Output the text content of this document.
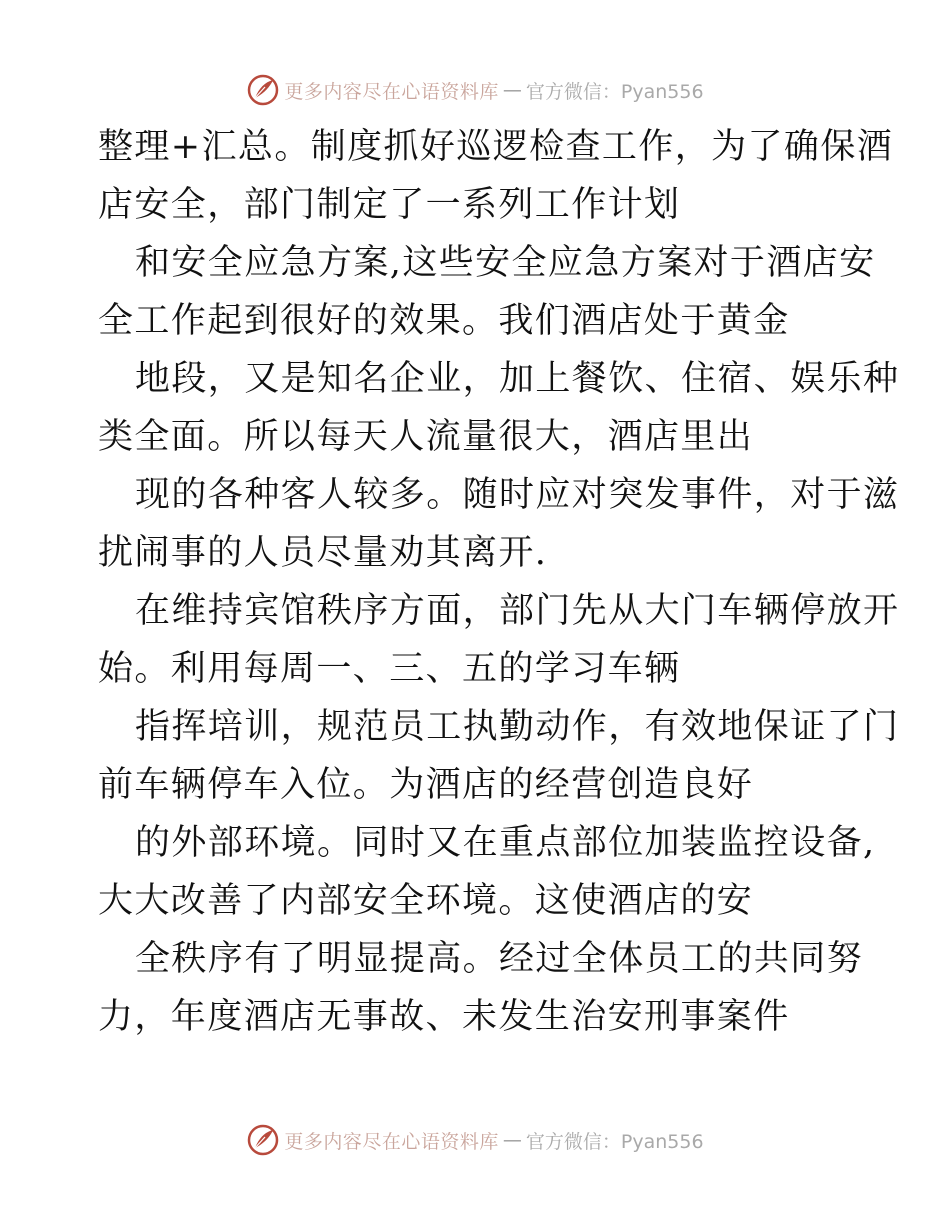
更多内容尽在心语资料库 — 官方微信：Pyan556
整理+汇总。制度抓好巡逻检查工作，为了确保酒
店安全，部门制定了一系列工作计划
和安全应急方案,这些安全应急方案对于酒店安
全工作起到很好的效果。我们酒店处于黄金
地段，又是知名企业，加上餐饮、住宿、娱乐种
类全面。所以每天人流量很大，酒店里出
现的各种客人较多。随时应对突发事件，对于滋
扰闹事的人员尽量劝其离开.
在维持宾馆秩序方面，部门先从大门车辆停放开
始。利用每周一、三、五的学习车辆
指挥培训，规范员工执勤动作，有效地保证了门
前车辆停车入位。为酒店的经营创造良好
的外部环境。同时又在重点部位加装监控设备,
大大改善了内部安全环境。这使酒店的安
全秩序有了明显提高。经过全体员工的共同努
力，年度酒店无事故、未发生治安刑事案件
更多内容尽在心语资料库 — 官方微信：Pyan556
